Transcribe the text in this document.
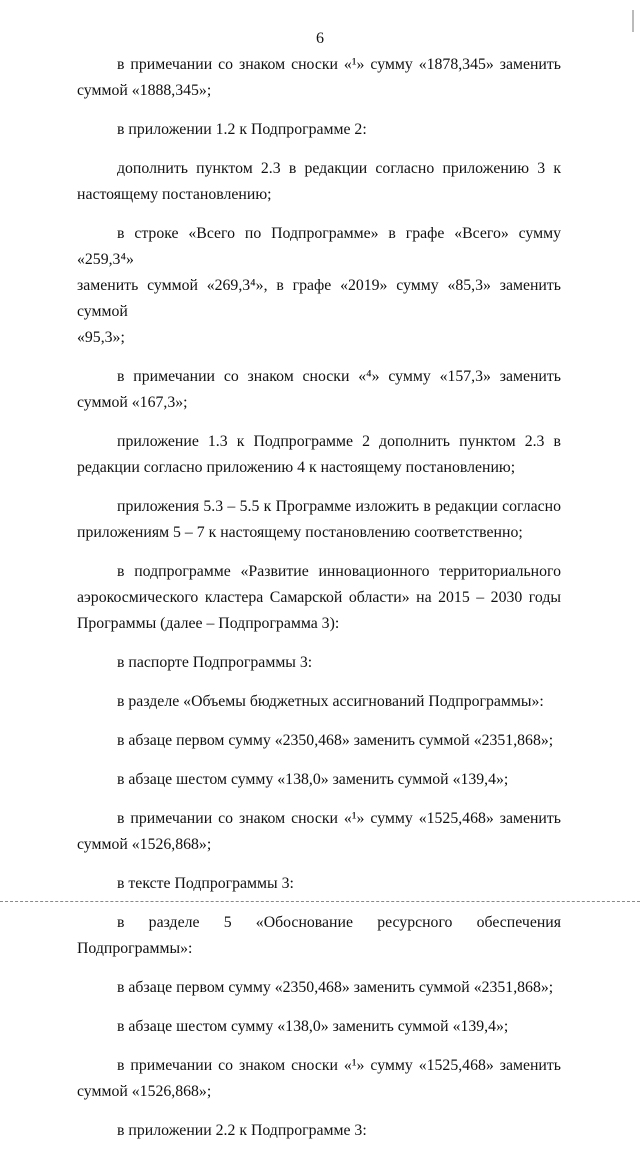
6
в примечании со знаком сноски «¹» сумму «1878,345» заменить
суммой «1888,345»;
в приложении 1.2 к Подпрограмме 2:
дополнить пунктом 2.3 в редакции согласно приложению 3 к
настоящему постановлению;
в строке «Всего по Подпрограмме» в графе «Всего» сумму «259,3⁴»
заменить суммой «269,3⁴», в графе «2019» сумму «85,3» заменить суммой
«95,3»;
в примечании со знаком сноски «⁴» сумму «157,3» заменить
суммой «167,3»;
приложение 1.3 к Подпрограмме 2 дополнить пунктом 2.3 в
редакции согласно приложению 4 к настоящему постановлению;
приложения 5.3 – 5.5 к Программе изложить в редакции согласно
приложениям 5 – 7 к настоящему постановлению соответственно;
в подпрограмме «Развитие инновационного территориального
аэрокосмического кластера Самарской области» на 2015 – 2030 годы
Программы (далее – Подпрограмма 3):
в паспорте Подпрограммы 3:
в разделе «Объемы бюджетных ассигнований Подпрограммы»:
в абзаце первом сумму «2350,468» заменить суммой «2351,868»;
в абзаце шестом сумму «138,0» заменить суммой «139,4»;
в примечании со знаком сноски «¹» сумму «1525,468» заменить
суммой «1526,868»;
в тексте Подпрограммы 3:
в разделе 5 «Обоснование ресурсного обеспечения Подпрограммы»:
в абзаце первом сумму «2350,468» заменить суммой «2351,868»;
в абзаце шестом сумму «138,0» заменить суммой «139,4»;
в примечании со знаком сноски «¹» сумму «1525,468» заменить
суммой «1526,868»;
в приложении 2.2 к Подпрограмме 3:
